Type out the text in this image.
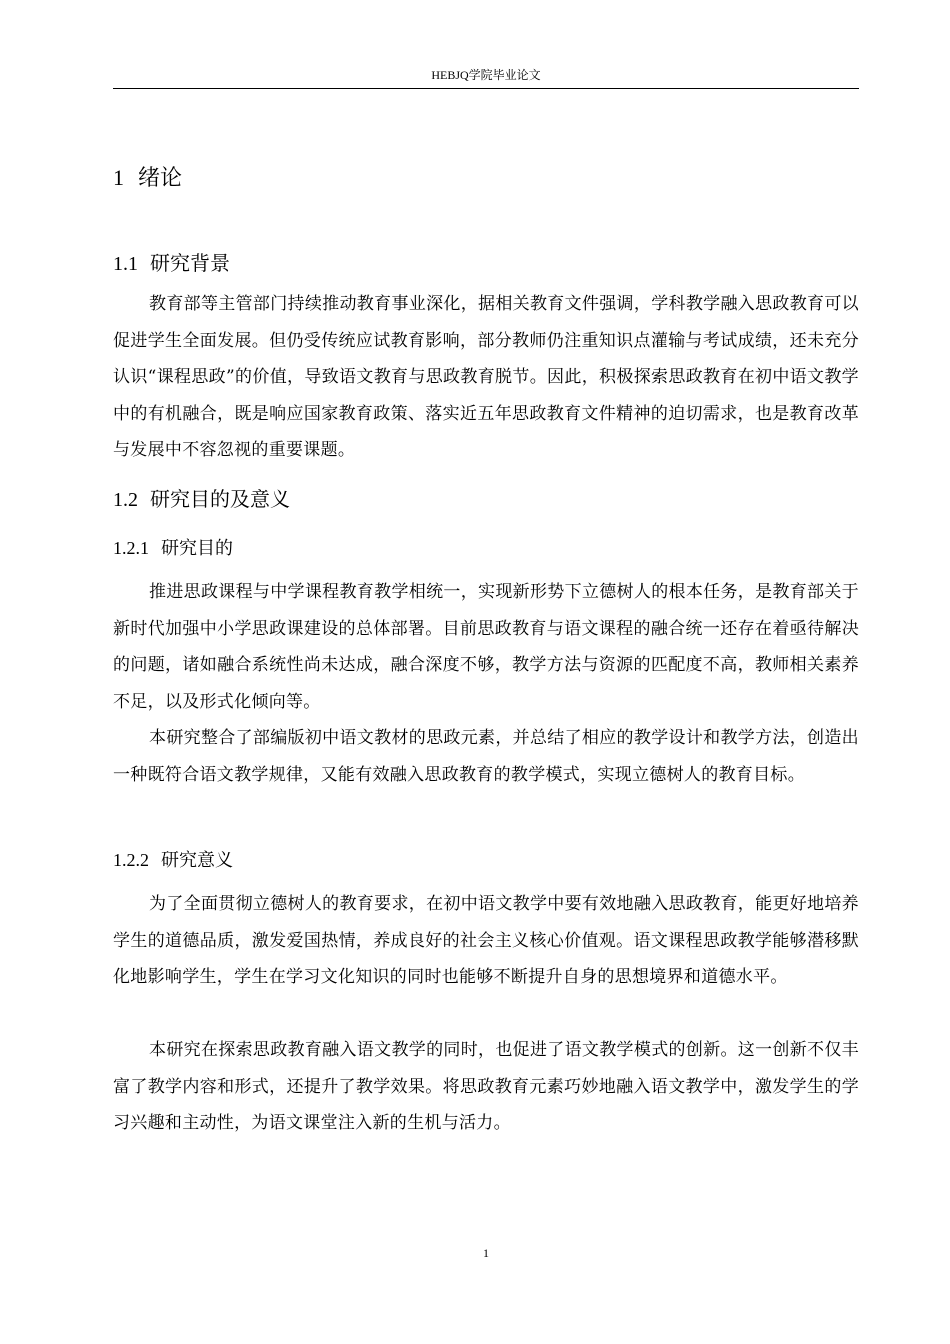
HEBJQ学院毕业论文
1 绪论
1.1 研究背景

教育部等主管部门持续推动教育事业深化，据相关教育文件强调，学科教学融入思政教育可以促进学生全面发展。但仍受传统应试教育影响，部分教师仍注重知识点灌输与考试成绩，还未充分认识“课程思政”的价值，导致语文教育与思政教育脱节。因此，积极探索思政教育在初中语文教学中的有机融合，既是响应国家教育政策、落实近五年思政教育文件精神的迫切需求，也是教育改革与发展中不容忽视的重要课题。

1.2 研究目的及意义
1.2.1 研究目的

推进思政课程与中学课程教育教学相统一，实现新形势下立德树人的根本任务，是教育部关于新时代加强中小学思政课建设的总体部署。目前思政教育与语文课程的融合统一还存在着亟待解决的问题，诸如融合系统性尚未达成，融合深度不够，教学方法与资源的匹配度不高，教师相关素养不足，以及形式化倾向等。

本研究整合了部编版初中语文教材的思政元素，并总结了相应的教学设计和教学方法，创造出一种既符合语文教学规律，又能有效融入思政教育的教学模式，实现立德树人的教育目标。

1.2.2 研究意义

为了全面贯彻立德树人的教育要求，在初中语文教学中要有效地融入思政教育，能更好地培养学生的道德品质，激发爱国热情，养成良好的社会主义核心价值观。语文课程思政教学能够潜移默化地影响学生，学生在学习文化知识的同时也能够不断提升自身的思想境界和道德水平。

本研究在探索思政教育融入语文教学的同时，也促进了语文教学模式的创新。这一创新不仅丰富了教学内容和形式，还提升了教学效果。将思政教育元素巧妙地融入语文教学中，激发学生的学习兴趣和主动性，为语文课堂注入新的生机与活力。

1
